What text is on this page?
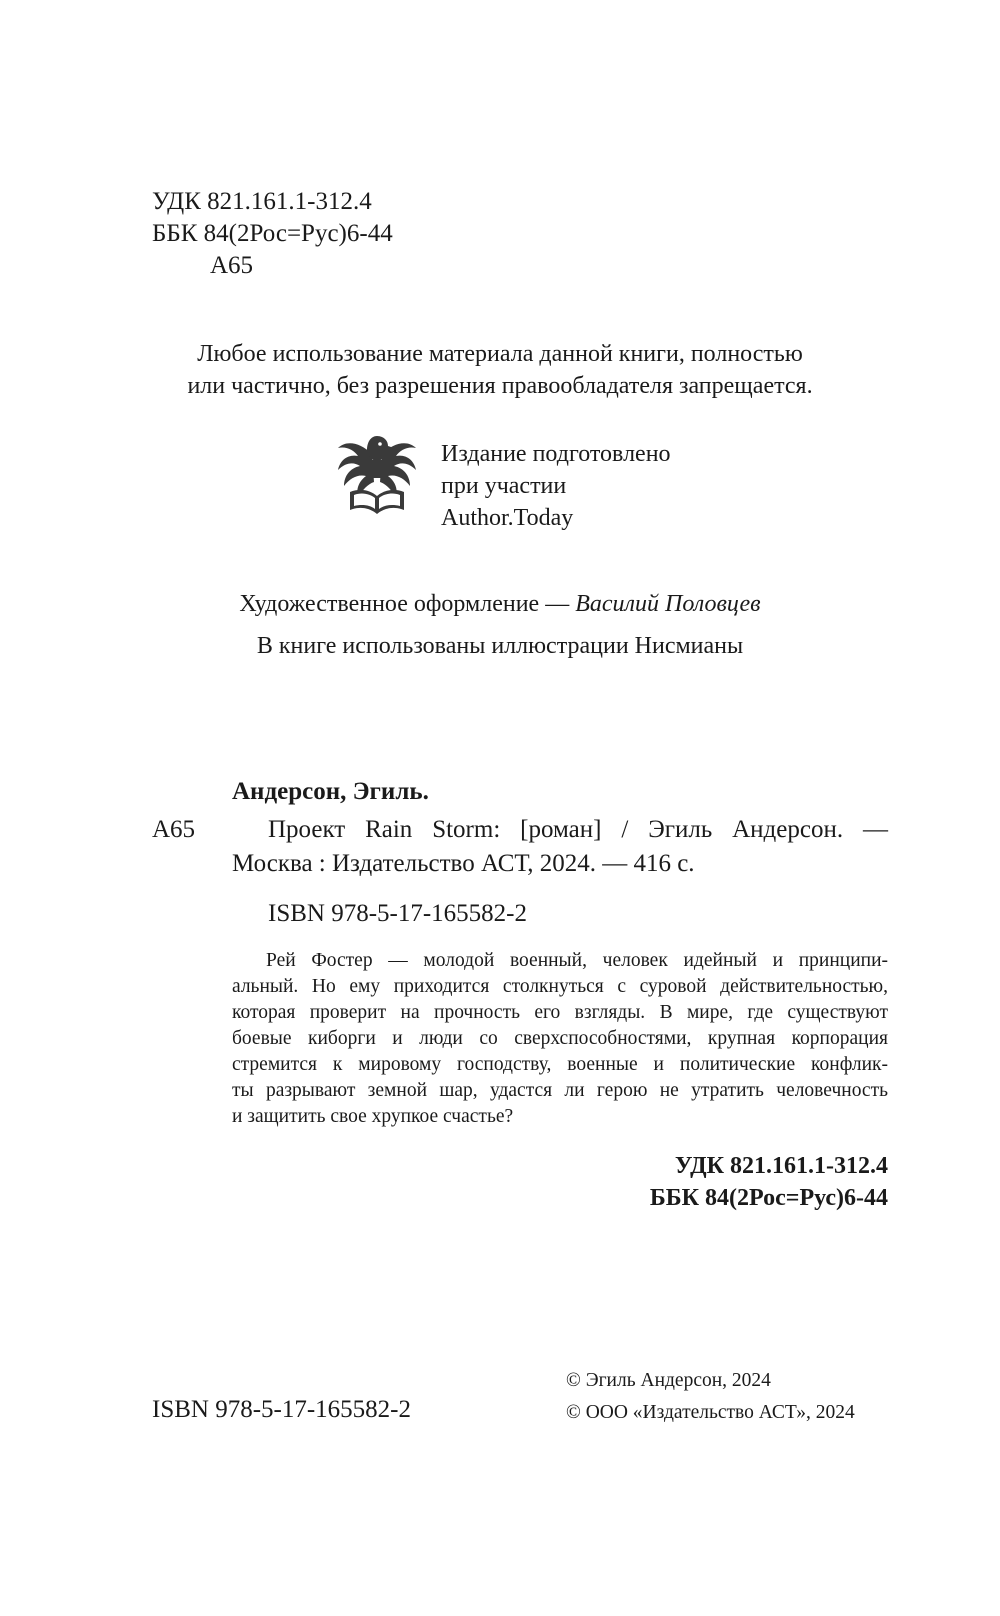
УДК 821.161.1-312.4
ББК 84(2Рос=Рус)6-44
А65
Любое использование материала данной книги, полностью
или частично, без разрешения правообладателя запрещается.
Издание подготовлено
при участии
Author.Today
Художественное оформление — Василий Половцев
В книге использованы иллюстрации Нисмианы
Андерсон, Эгиль.
А65	Проект Rain Storm: [роман] / Эгиль Андерсон. —
Москва : Издательство АСТ, 2024. — 416 с.
ISBN 978-5-17-165582-2
Рей Фостер — молодой военный, человек идейный и принципи-
альный. Но ему приходится столкнуться с суровой действительностью,
которая проверит на прочность его взгляды. В мире, где существуют
боевые киборги и люди со сверхспособностями, крупная корпорация
стремится к мировому господству, военные и политические конфлик-
ты разрывают земной шар, удастся ли герою не утратить человечность
и защитить свое хрупкое счастье?
УДК 821.161.1-312.4
ББК 84(2Рос=Рус)6-44
ISBN 978-5-17-165582-2
© Эгиль Андерсон, 2024
© ООО «Издательство АСТ», 2024
